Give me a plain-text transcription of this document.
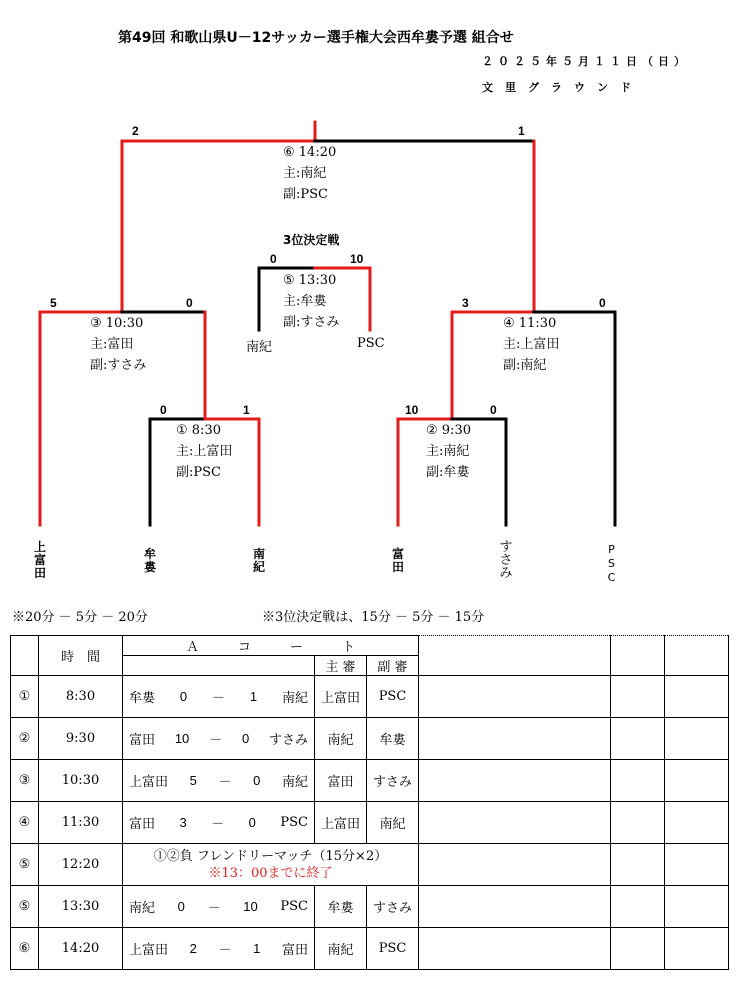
第49回 和歌山県U－12サッカー選手権大会西牟婁予選 組合せ
２０２５年５月１１日（日）
文里グラウンド
2	1
5	0	3	0
0	1	10	0
0	10
⑥ 14:20
主:南紀
副:PSC
3位決定戦
⑤ 13:30
主:牟婁
副:すさみ
南紀	PSC
③ 10:30
主:富田
副:すさみ
④ 11:30
主:上富田
副:南紀
① 8:30
主:上富田
副:PSC
② 9:30
主:南紀
副:牟婁
上富田
牟婁
南紀
富田
すさみ
PSC
※20分 － 5分 － 20分	※3位決定戦は、15分 － 5分 － 15分
	時　間	Ａ　　　コ　　　ー　　　ト					
			主 審	副 審			
①	8:30	牟婁 0 － 1 南紀	上富田	PSC			
②	9:30	富田 10 － 0 すさみ	南紀	牟婁			
③	10:30	上富田 5 － 0 南紀	富田	すさみ			
④	11:30	富田 3 － 0 PSC	上富田	南紀			
⑤	12:20	①②負 フレンドリーマッチ（15分×2）
※13：00までに終了					

⑤	13:30	南紀 0 － 10 PSC	牟婁	すさみ			
⑥	14:20	上富田 2 － 1 富田	南紀	PSC			
